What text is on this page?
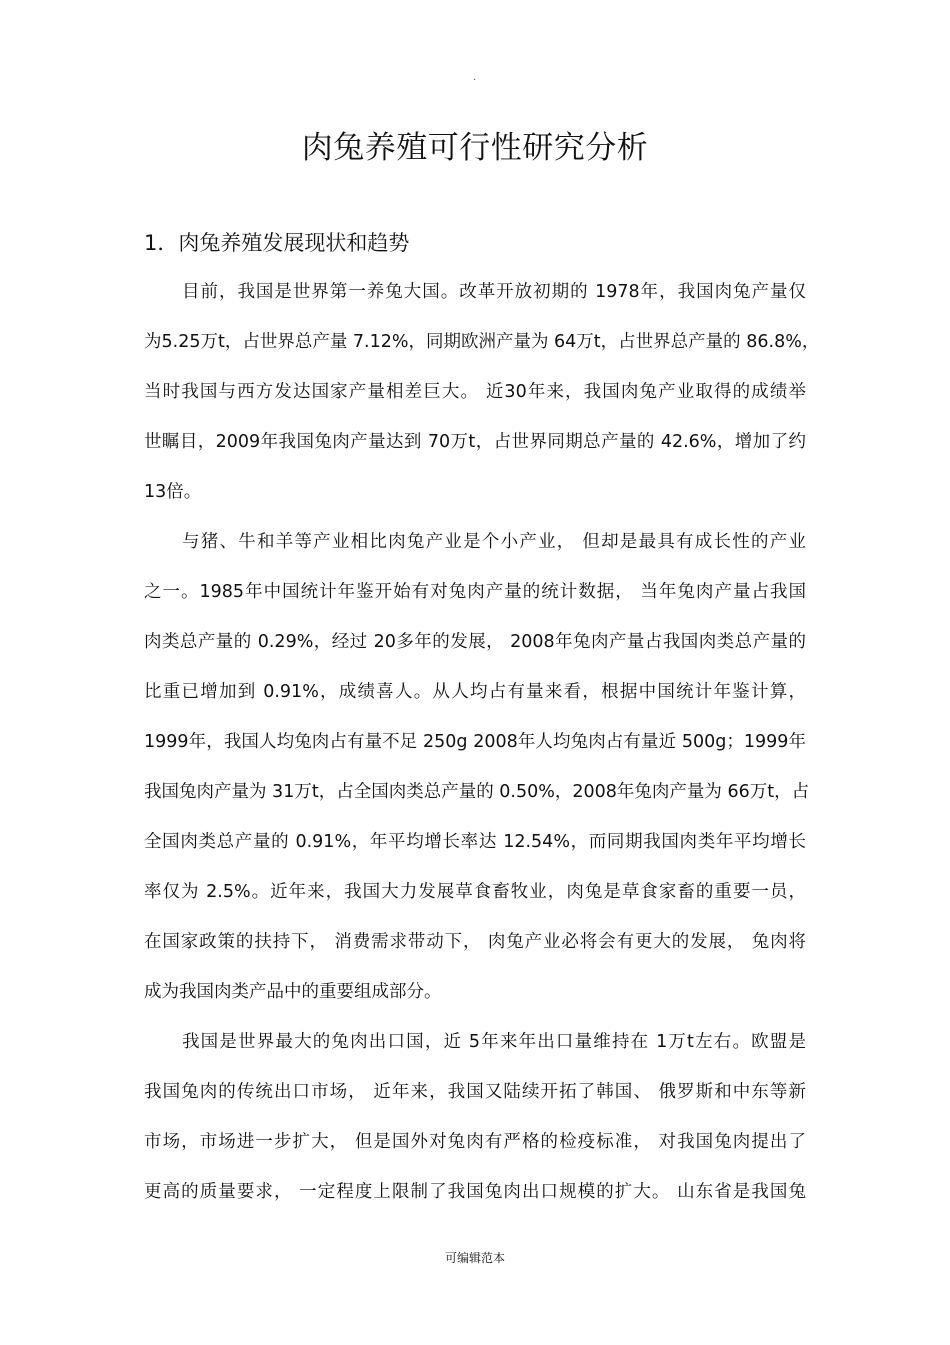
.
肉兔养殖可行性研究分析
1．肉兔养殖发展现状和趋势
目前，我国是世界第一养兔大国。改革开放初期的 1978年，我国肉兔产量仅
为5.25万t，占世界总产量 7.12%，同期欧洲产量为 64万t，占世界总产量的 86.8%，
当时我国与西方发达国家产量相差巨大。 近30年来，我国肉兔产业取得的成绩举
世瞩目，2009年我国兔肉产量达到 70万t，占世界同期总产量的 42.6%，增加了约
13倍。
与猪、牛和羊等产业相比肉兔产业是个小产业， 但却是最具有成长性的产业
之一。1985年中国统计年鉴开始有对兔肉产量的统计数据， 当年兔肉产量占我国
肉类总产量的 0.29%，经过 20多年的发展， 2008年兔肉产量占我国肉类总产量的
比重已增加到 0.91%，成绩喜人。从人均占有量来看，根据中国统计年鉴计算，
1999年，我国人均兔肉占有量不足 250g 2008年人均兔肉占有量近 500g；1999年
我国兔肉产量为 31万t，占全国肉类总产量的 0.50%，2008年兔肉产量为 66万t，占
全国肉类总产量的 0.91%，年平均增长率达 12.54%，而同期我国肉类年平均增长
率仅为 2.5%。近年来，我国大力发展草食畜牧业，肉兔是草食家畜的重要一员，
在国家政策的扶持下， 消费需求带动下， 肉兔产业必将会有更大的发展， 兔肉将
成为我国肉类产品中的重要组成部分。
我国是世界最大的兔肉出口国，近 5年来年出口量维持在 1万t左右。欧盟是
我国兔肉的传统出口市场， 近年来，我国又陆续开拓了韩国、 俄罗斯和中东等新
市场，市场进一步扩大， 但是国外对兔肉有严格的检疫标准， 对我国兔肉提出了
更高的质量要求， 一定程度上限制了我国兔肉出口规模的扩大。 山东省是我国兔
可编辑范本
